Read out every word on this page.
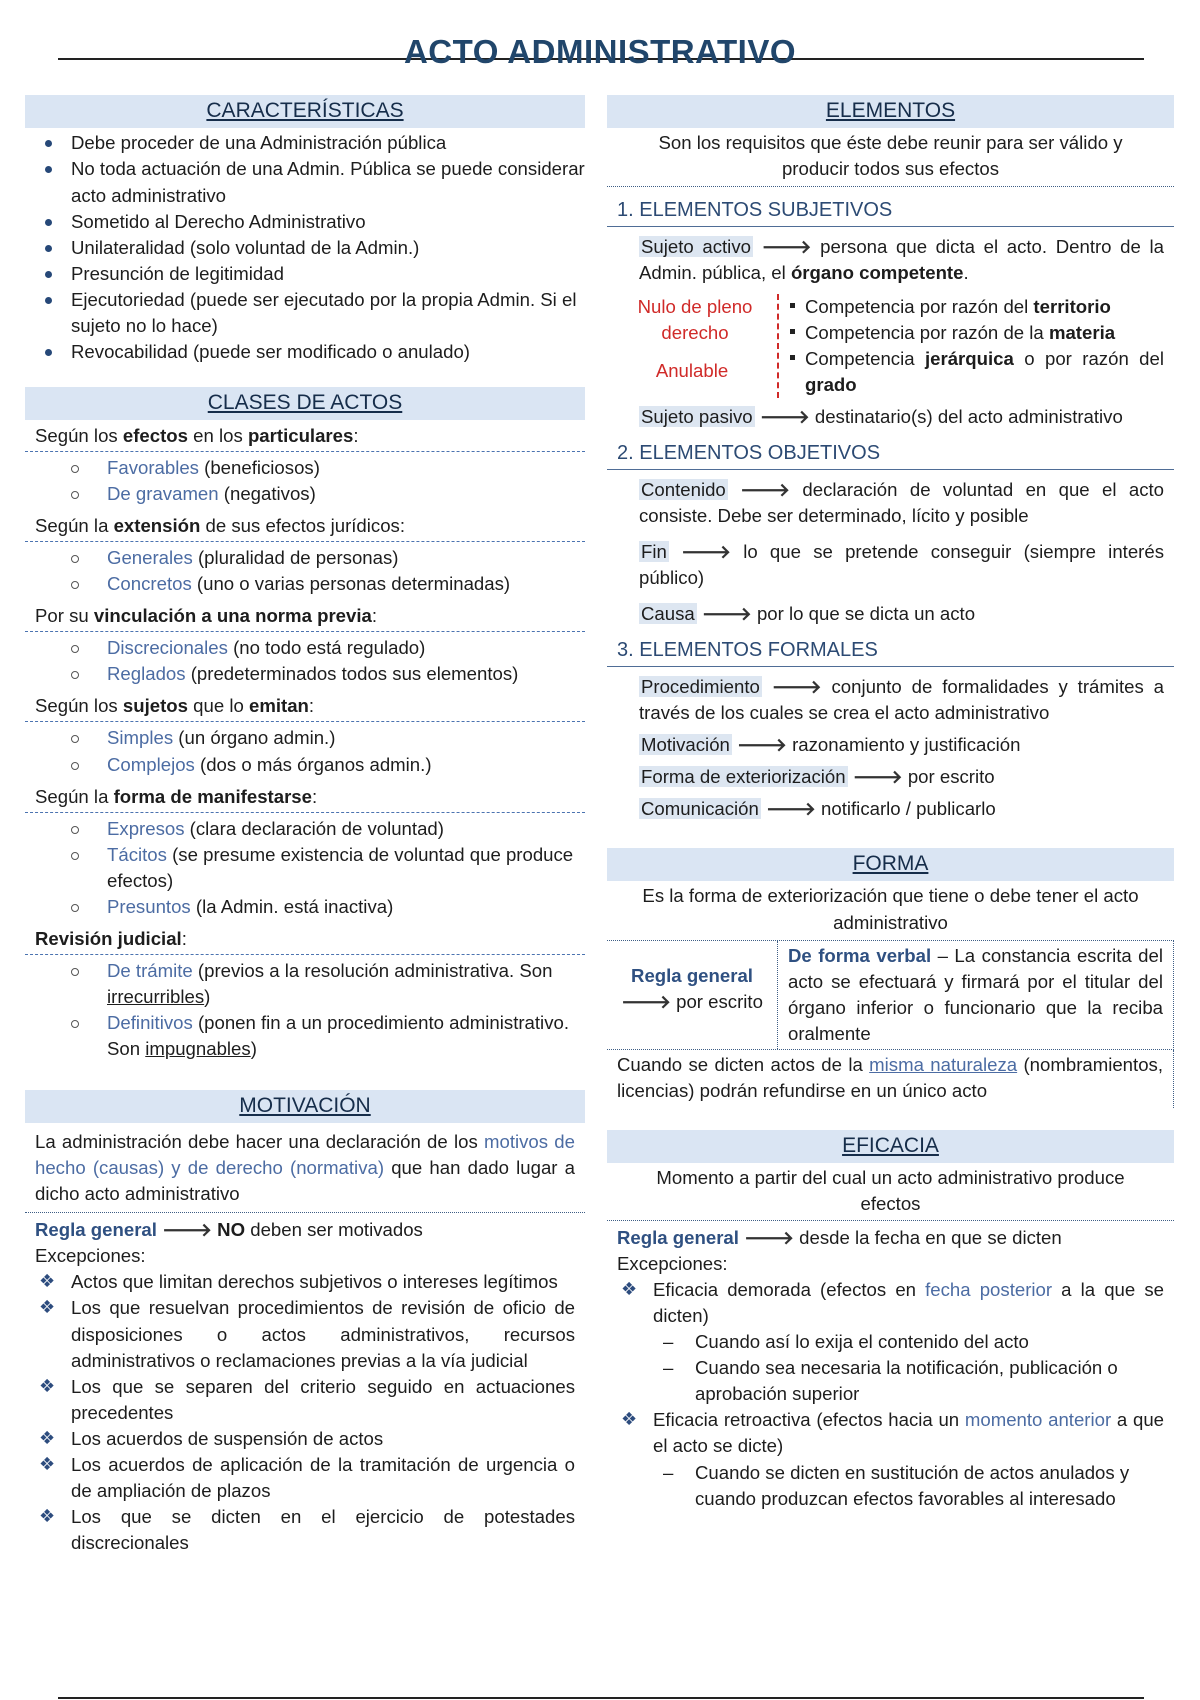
ACTO ADMINISTRATIVO
CARACTERÍSTICAS
Debe proceder de una Administración pública
No toda actuación de una Admin. Pública se puede considerar acto administrativo
Sometido al Derecho Administrativo
Unilateralidad (solo voluntad de la Admin.)
Presunción de legitimidad
Ejecutoriedad (puede ser ejecutado por la propia Admin. Si el sujeto no lo hace)
Revocabilidad (puede ser modificado o anulado)
CLASES DE ACTOS
Según los efectos en los particulares:
Favorables (beneficiosos)
De gravamen (negativos)
Según la extensión de sus efectos jurídicos:
Generales (pluralidad de personas)
Concretos (uno o varias personas determinadas)
Por su vinculación a una norma previa:
Discrecionales (no todo está regulado)
Reglados (predeterminados todos sus elementos)
Según los sujetos que lo emitan:
Simples (un órgano admin.)
Complejos (dos o más órganos admin.)
Según la forma de manifestarse:
Expresos (clara declaración de voluntad)
Tácitos (se presume existencia de voluntad que produce efectos)
Presuntos (la Admin. está inactiva)
Revisión judicial:
De trámite (previos a la resolución administrativa. Son irrecurribles)
Definitivos (ponen fin a un procedimiento administrativo. Son impugnables)
MOTIVACIÓN

La administración debe hacer una declaración de los motivos de hecho (causas) y de derecho (normativa) que han dado lugar a dicho acto administrativo

Regla general 🡒 NO deben ser motivados

Excepciones:

❖ Actos que limitan derechos subjetivos o intereses legítimos
❖ Los que resuelvan procedimientos de revisión de oficio de disposiciones o actos administrativos, recursos administrativos o reclamaciones previas a la vía judicial
❖ Los que se separen del criterio seguido en actuaciones precedentes
❖ Los acuerdos de suspensión de actos
❖ Los acuerdos de aplicación de la tramitación de urgencia o de ampliación de plazos
❖ Los que se dicten en el ejercicio de potestades discrecionales
ELEMENTOS

Son los requisitos que éste debe reunir para ser válido y producir todos sus efectos

1. ELEMENTOS SUBJETIVOS

Sujeto activo 🡒 persona que dicta el acto. Dentro de la Admin. pública, el órgano competente.

Nulo de pleno derecho
Anulable
Competencia por razón del territorio
Competencia por razón de la materia
Competencia jerárquica o por razón del grado

Sujeto pasivo 🡒 destinatario(s) del acto administrativo

2. ELEMENTOS OBJETIVOS

Contenido 🡒 declaración de voluntad en que el acto consiste. Debe ser determinado, lícito y posible

Fin 🡒 lo que se pretende conseguir (siempre interés público)

Causa 🡒 por lo que se dicta un acto

3. ELEMENTOS FORMALES

Procedimiento 🡒 conjunto de formalidades y trámites a través de los cuales se crea el acto administrativo

Motivación 🡒 razonamiento y justificación

Forma de exteriorización 🡒 por escrito

Comunicación 🡒 notificarlo / publicarlo

FORMA

Es la forma de exteriorización que tiene o debe tener el acto administrativo

Regla general
🡒 por escrito
De forma verbal – La constancia escrita del acto se efectuará y firmará por el titular del órgano inferior o funcionario que la reciba oralmente

Cuando se dicten actos de la misma naturaleza (nombramientos, licencias) podrán refundirse en un único acto

EFICACIA

Momento a partir del cual un acto administrativo produce efectos

Regla general 🡒 desde la fecha en que se dicten

Excepciones:

❖ Eficacia demorada (efectos en fecha posterior a la que se dicten)
– Cuando así lo exija el contenido del acto
– Cuando sea necesaria la notificación, publicación o aprobación superior
❖ Eficacia retroactiva (efectos hacia un momento anterior a que el acto se dicte)
– Cuando se dicten en sustitución de actos anulados y cuando produzcan efectos favorables al interesado
